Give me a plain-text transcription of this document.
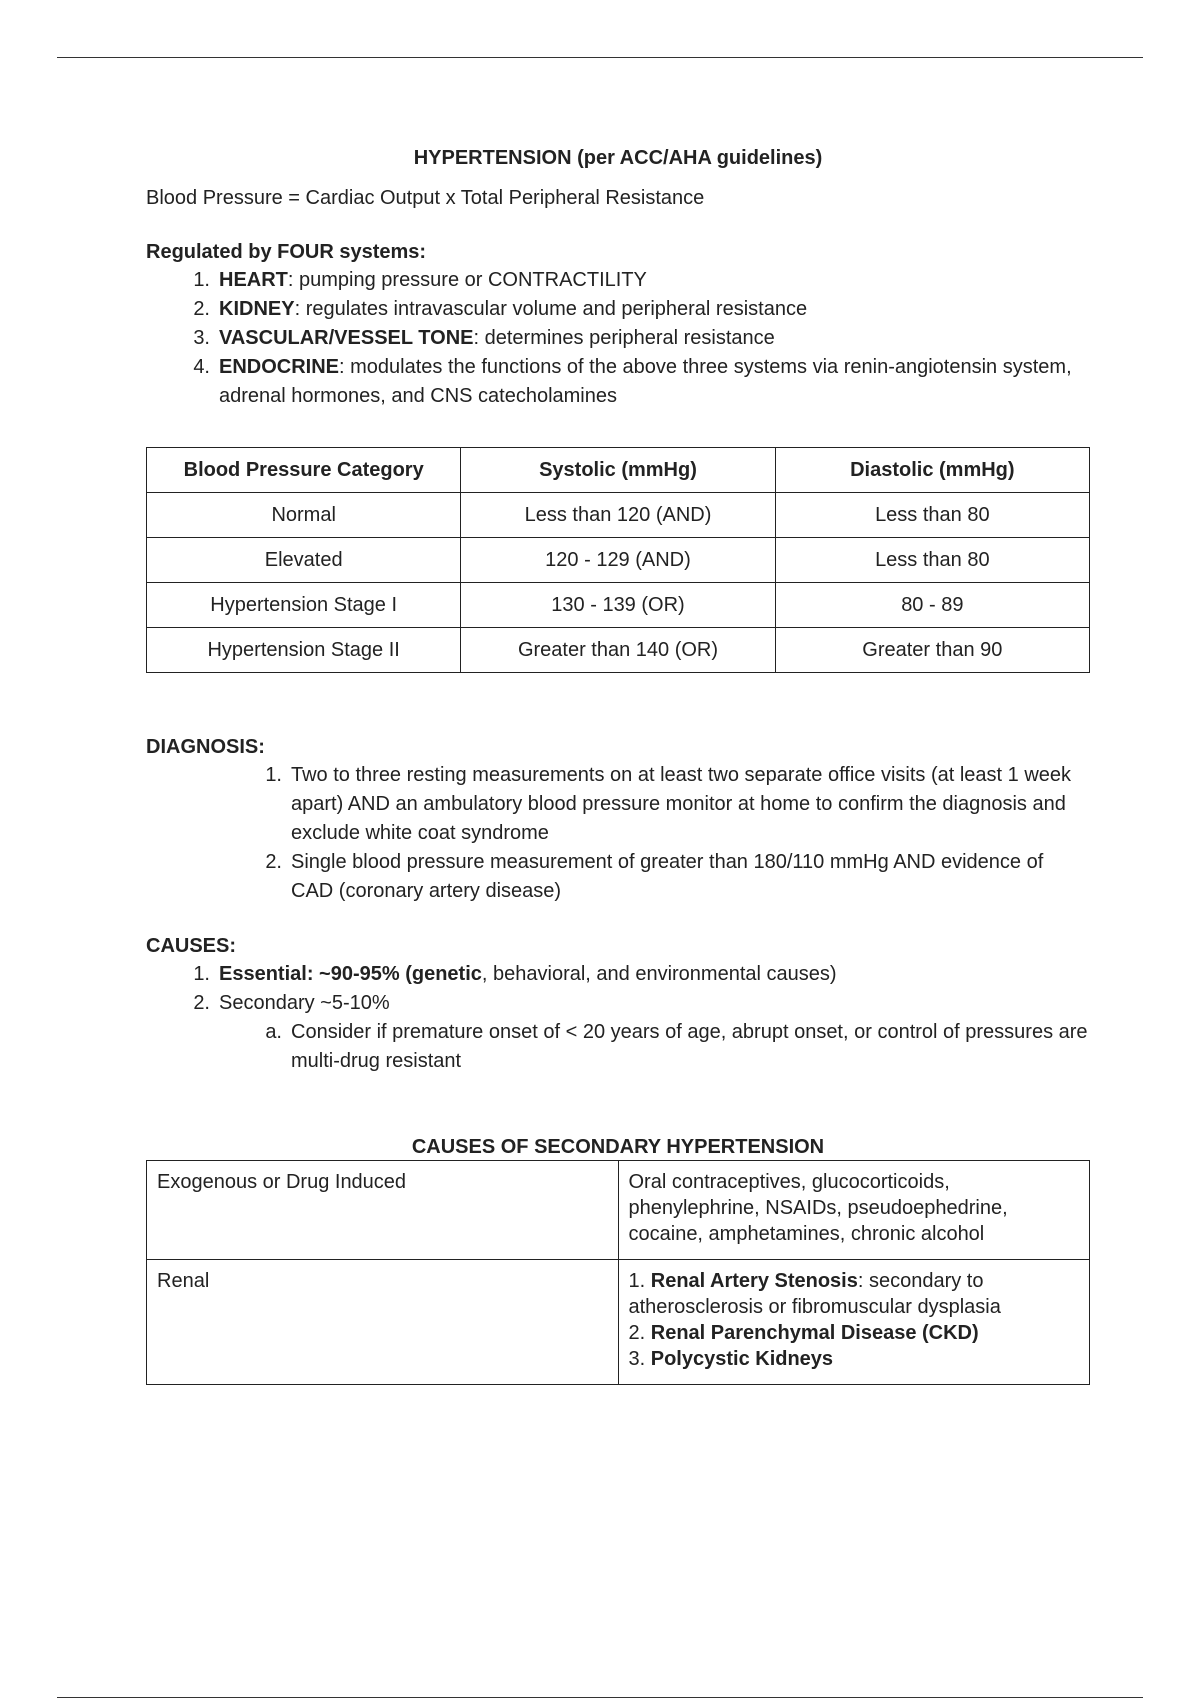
HYPERTENSION (per ACC/AHA guidelines)

Blood Pressure = Cardiac Output x Total Peripheral Resistance

Regulated by FOUR systems:

1. HEART: pumping pressure or CONTRACTILITY
2. KIDNEY: regulates intravascular volume and peripheral resistance
3. VASCULAR/VESSEL TONE: determines peripheral resistance
4. ENDOCRINE: modulates the functions of the above three systems via renin-angiotensin system, adrenal hormones, and CNS catecholamines
Blood Pressure Category	Systolic (mmHg)	Diastolic (mmHg)
Normal	Less than 120 (AND)	Less than 80
Elevated	120 - 129 (AND)	Less than 80
Hypertension Stage I	130 - 139 (OR)	80 - 89
Hypertension Stage II	Greater than 140 (OR)	Greater than 90

DIAGNOSIS:

1. Two to three resting measurements on at least two separate office visits (at least 1 week apart) AND an ambulatory blood pressure monitor at home to confirm the diagnosis and exclude white coat syndrome
2. Single blood pressure measurement of greater than 180/110 mmHg AND evidence of CAD (coronary artery disease)

CAUSES:

1. Essential: ~90-95% (genetic, behavioral, and environmental causes)
2. Secondary ~5-10%
a. Consider if premature onset of < 20 years of age, abrupt onset, or control of pressures are multi-drug resistant

CAUSES OF SECONDARY HYPERTENSION

Exogenous or Drug Induced	Oral contraceptives, glucocorticoids, phenylephrine, NSAIDs, pseudoephedrine, cocaine, amphetamines, chronic alcohol
Renal	1. Renal Artery Stenosis: secondary to atherosclerosis or fibromuscular dysplasia
2. Renal Parenchymal Disease (CKD)
3. Polycystic Kidneys
